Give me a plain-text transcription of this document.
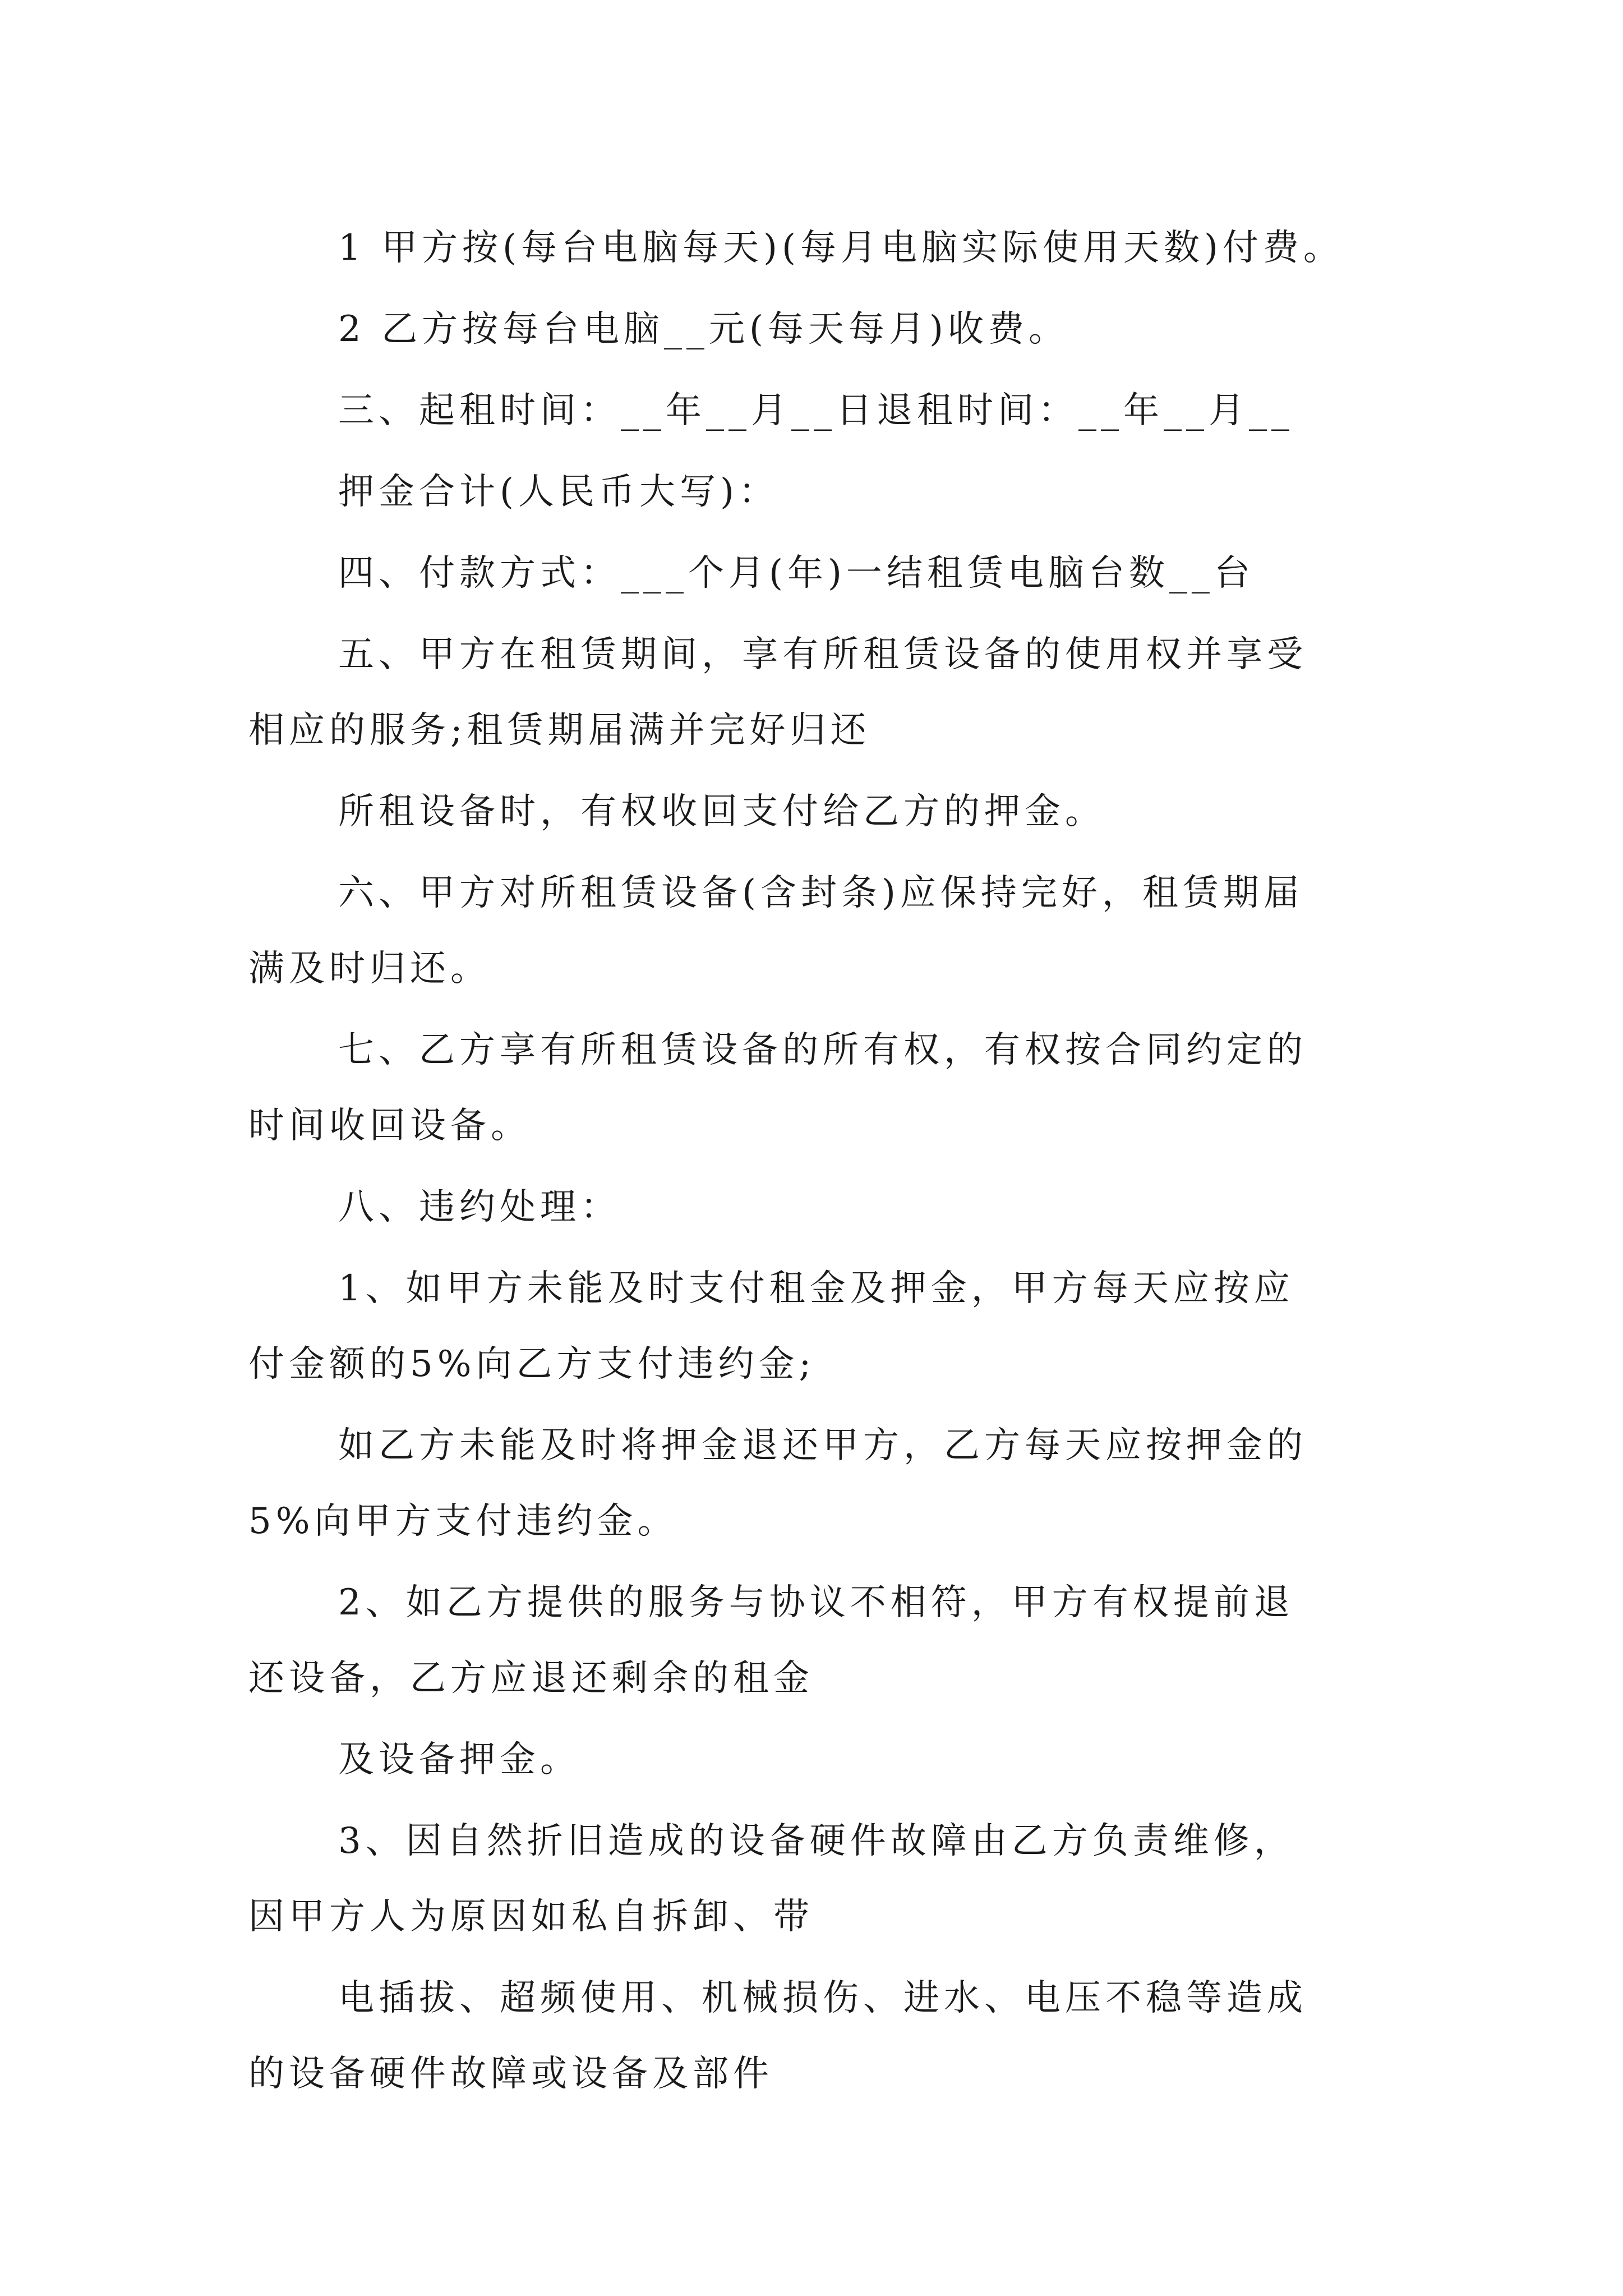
1 甲方按(每台电脑每天)(每月电脑实际使用天数)付费。
2 乙方按每台电脑__元(每天每月)收费。
三、起租时间：__年__月__日退租时间：__年__月__
押金合计(人民币大写)：
四、付款方式：___个月(年)一结租赁电脑台数__台
五、甲方在租赁期间，享有所租赁设备的使用权并享受
相应的服务;租赁期届满并完好归还
所租设备时，有权收回支付给乙方的押金。
六、甲方对所租赁设备(含封条)应保持完好，租赁期届
满及时归还。
七、乙方享有所租赁设备的所有权，有权按合同约定的
时间收回设备。
八、违约处理：
1、如甲方未能及时支付租金及押金，甲方每天应按应
付金额的5%向乙方支付违约金;
如乙方未能及时将押金退还甲方，乙方每天应按押金的
5%向甲方支付违约金。
2、如乙方提供的服务与协议不相符，甲方有权提前退
还设备，乙方应退还剩余的租金
及设备押金。
3、因自然折旧造成的设备硬件故障由乙方负责维修，
因甲方人为原因如私自拆卸、带
电插拔、超频使用、机械损伤、进水、电压不稳等造成
的设备硬件故障或设备及部件
